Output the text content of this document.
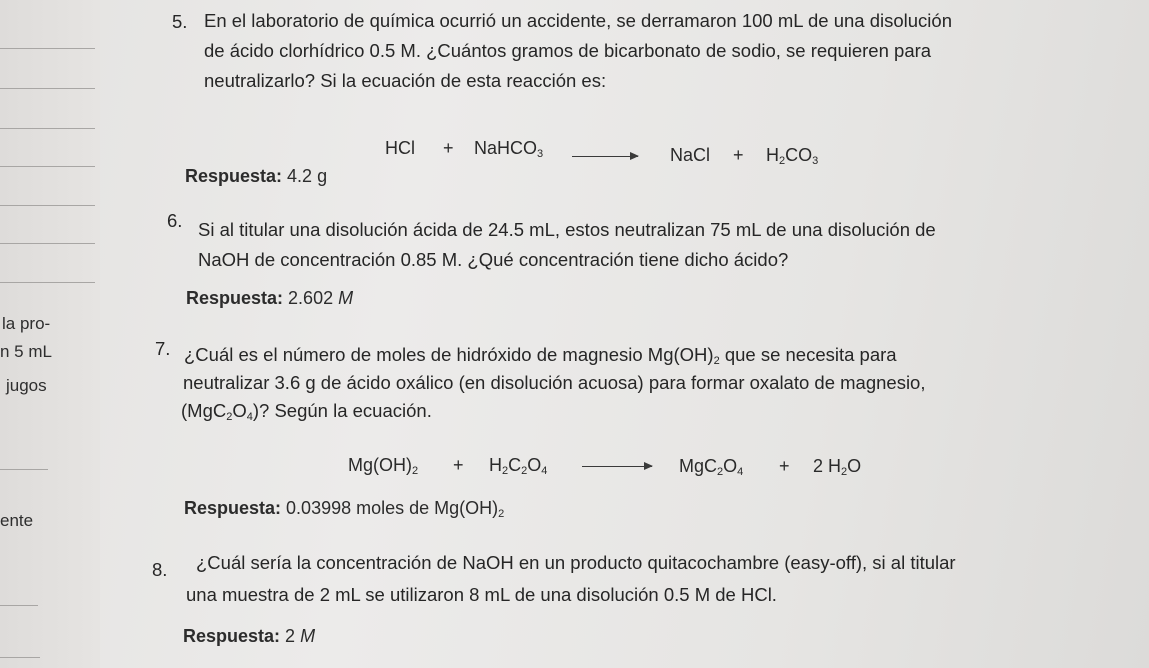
la pro-
n 5 mL
jugos
ente
5. En el laboratorio de química ocurrió un accidente, se derramaron 100 mL de una disolución
de ácido clorhídrico 0.5 M. ¿Cuántos gramos de bicarbonato de sodio, se requieren para
neutralizarlo? Si la ecuación de esta reacción es:
HCl + NaHCO$_3$	NaCl + $H_2CO_3$
Respuesta: 4.2 g
6. Si al titular una disolución ácida de 24.5 mL, estos neutralizan 75 mL de una disolución de
NaOH de concentración 0.85 M. ¿Qué concentración tiene dicho ácido?
Respuesta: 2.602 M
7. ¿Cuál es el número de moles de hidróxido de magnesio $Mg(OH)_2$ que se necesita para
neutralizar 3.6 g de ácido oxálico (en disolución acuosa) para formar oxalato de magnesio,
$(MgC_2O_4)$? Según la ecuación.
$Mg(OH)_2 + H_2C_2O_4$	$MgC_2O_4 + 2$ $H_2O$
Respuesta: 0.03998 moles de $Mg(OH)_2$
8. ¿Cuál sería la concentración de NaOH en un producto quitacochambre (easy-off), si al titular
una muestra de 2 mL se utilizaron 8 mL de una disolución 0.5 M de HCl.
Respuesta: 2 M
